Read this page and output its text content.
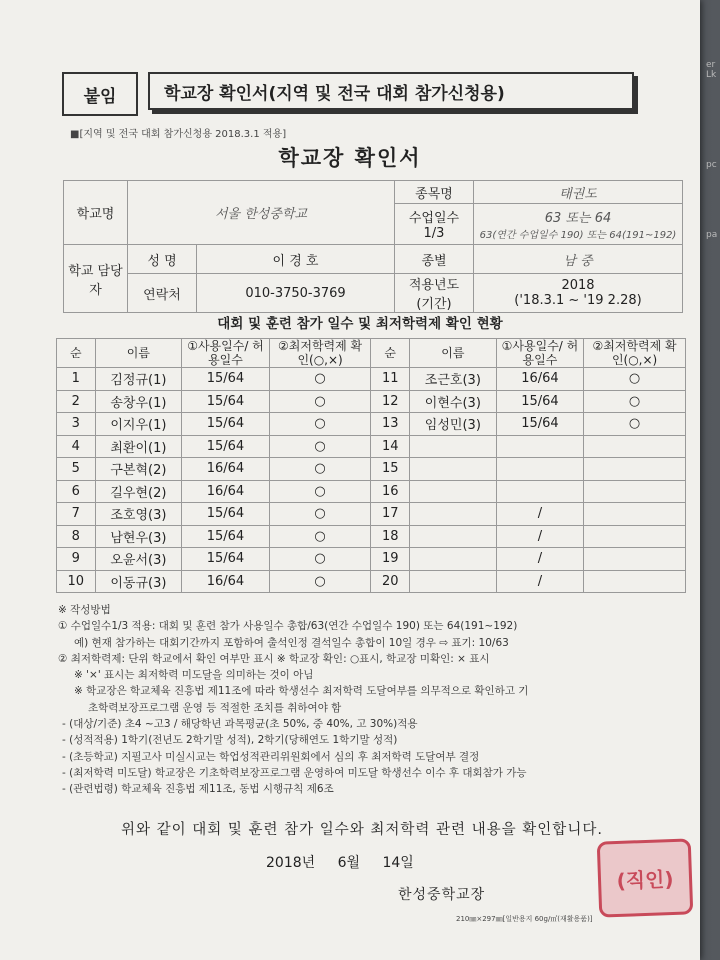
er Lk
pc
pa
붙임	학교장 확인서(지역 및 전국 대회 참가신청용)
■[지역 및 전국 대회 참가신청용 2018.3.1 적용]
학교장 확인서
학교명	서울 한성중학교		종목명	태권도
			수업일수 1/3	63 또는 64
63(연간 수업일수 190) 또는 64(191~192)

학교 담당자	성 명	이 경 호	종별	남 중
	연락처	010-3750-3769	적용년도 (기간)	2018
('18.3.1 ~ '19 2.28)
대회 및 훈련 참가 일수 및 최저학력제 확인 현황
순	이름	①사용일수/ 허용일수	②최저학력제 확인(○,×)	순	이름	①사용일수/ 허용일수	②최저학력제 확인(○,×)
1	김정규(1)	15/64	○	11	조근호(3)	16/64	○
2	송창우(1)	15/64	○	12	이현수(3)	15/64	○
3	이지우(1)	15/64	○	13	임성민(3)	15/64	○
4	최환이(1)	15/64	○	14			
5	구본혁(2)	16/64	○	15			
6	길우현(2)	16/64	○	16			
7	조호영(3)	15/64	○	17		/	
8	남현우(3)	15/64	○	18		/	
9	오윤서(3)	15/64	○	19		/	
10	이동규(3)	16/64	○	20		/	
※ 작성방법
① 수업일수1/3 적용: 대회 및 훈련 참가 사용일수 총합/63(연간 수업일수 190) 또는 64(191~192)
예) 현재 참가하는 대회기간까지 포함하여 출석인정 결석일수 총합이 10일 경우 ⇨ 표기: 10/63
② 최저학력제: 단위 학교에서 확인 여부만 표시 ※ 학교장 확인: ○표시, 학교장 미확인: × 표시
※ '×' 표시는 최저학력 미도달을 의미하는 것이 아님
※ 학교장은 학교체육 진흥법 제11조에 따라 학생선수 최저학력 도달여부를 의무적으로 확인하고 기
초학력보장프로그램 운영 등 적절한 조치를 취하여야 함
- (대상/기준) 초4 ~고3 / 해당학년 과목평균(초 50%, 중 40%, 고 30%)적용
- (성적적용) 1학기(전년도 2학기말 성적), 2학기(당해연도 1학기말 성적)
- (초등학교) 지필고사 미실시교는 학업성적관리위원회에서 심의 후 최저학력 도달여부 결정
- (최저학력 미도달) 학교장은 기초학력보장프로그램 운영하여 미도달 학생선수 이수 후 대회참가 가능
- (관련법령) 학교체육 진흥법 제11조, 동법 시행규칙 제6조
위와 같이 대회 및 훈련 참가 일수와 최저학력 관련 내용을 확인합니다.
2018년 6월 14일
한성중학교장
(직인)
210㎜×297㎜[일반용지 60g/㎡(재활용품)]
